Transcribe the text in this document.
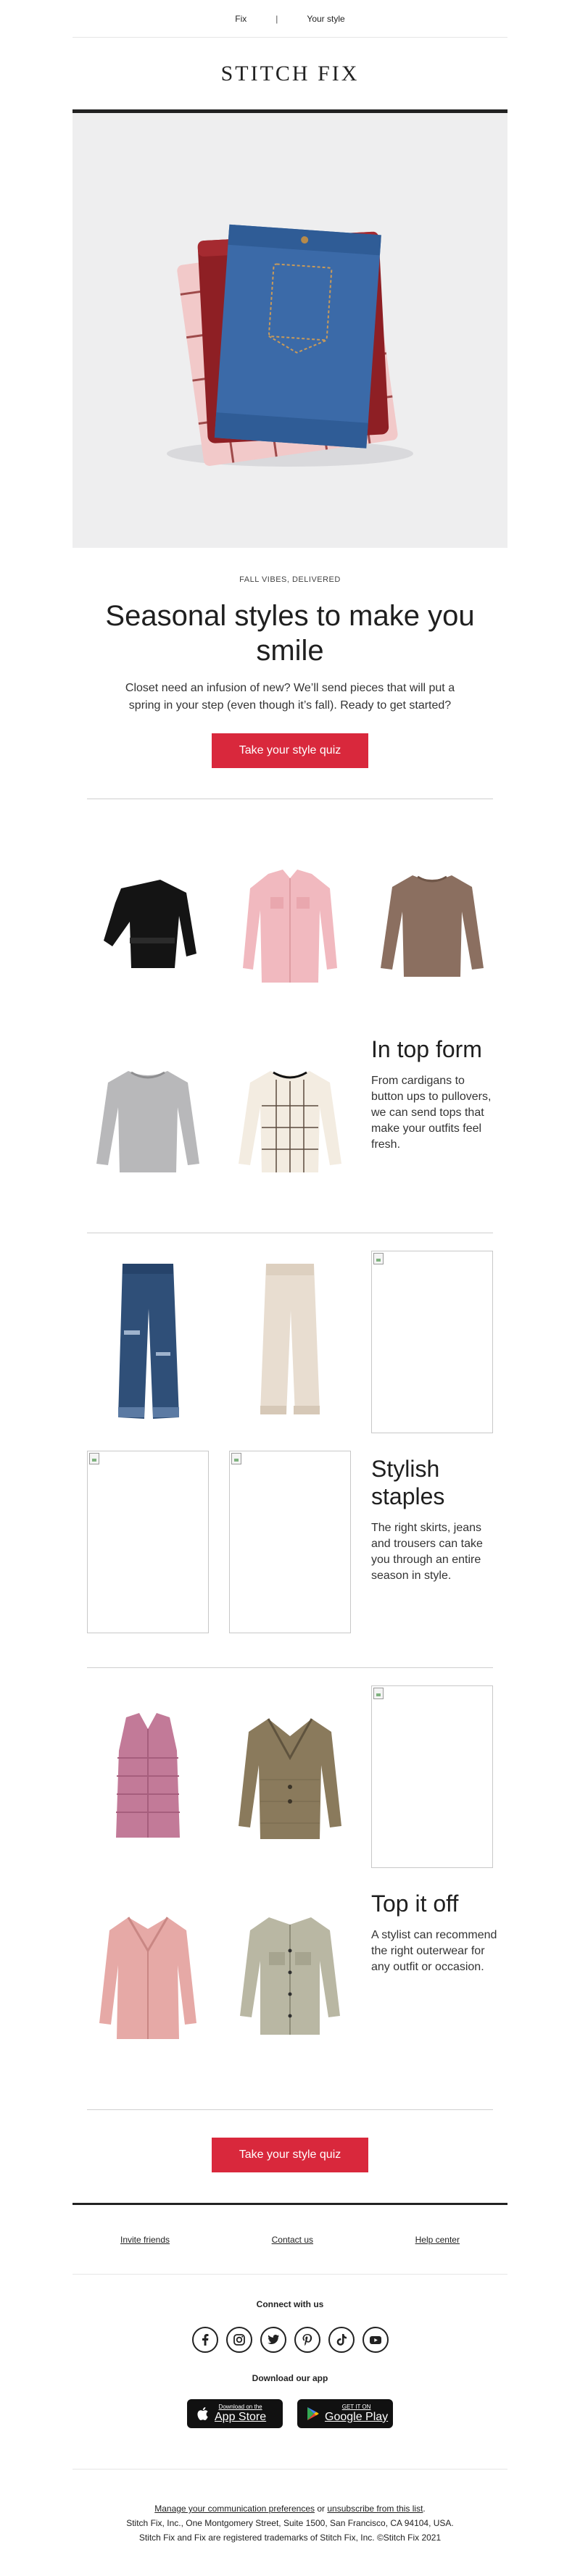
Fix	|	Your style
STITCH FIX
FALL VIBES, DELIVERED
Seasonal styles to make you smile

Closet need an infusion of new? We’ll send pieces that will put a spring in your step (even though it’s fall). Ready to get started?

Take your style quiz
In top form

From cardigans to button ups to pullovers, we can send tops that make your outfits feel fresh.

Stylish staples

The right skirts, jeans and trousers can take you through an entire season in style.

Top it off

A stylist can recommend the right outerwear for any outfit or occasion.

Take your style quiz
Invite friends	Contact us	Help center
Connect with us
Download our app
Download on the
App Store
GET IT ON
Google Play
Manage your communication preferences or unsubscribe from this list.
Stitch Fix, Inc., One Montgomery Street, Suite 1500, San Francisco, CA 94104, USA.
Stitch Fix and Fix are registered trademarks of Stitch Fix, Inc. ©Stitch Fix 2021
